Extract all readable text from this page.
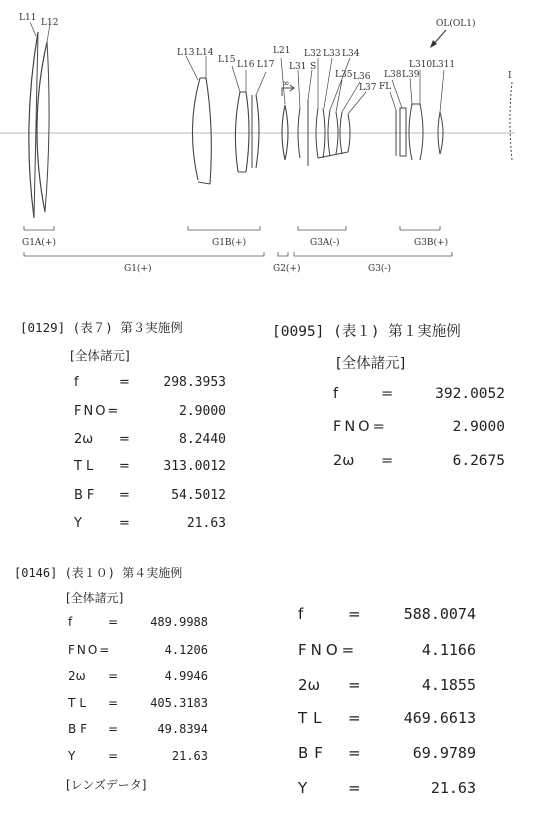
L11 L12
L13 L14
L15 L16 L17
L21
L31 S
L32 L33 L34
L35 L36
L37 FL
L38 L39
L310 L311
OL(OL1)
∞
I
G1A(+)	G1B(+)	G3A(-)	G3B(+)
G1(+)	G2(+)	G3(-)
[0129] (表７) 第３実施例
[全体諸元]
f	=	298.3953
FNO=	2.9000
2ω =	8.2440
TL =	313.0012
BF =	54.5012
Y	=	21.63
[0095] (表１) 第１実施例
[全体諸元]
f	=	392.0052
FNO=	2.9000
2ω =	6.2675
[0146] (表１０) 第４実施例
[全体諸元]
f	=	489.9988
FNO=	4.1206
2ω =	4.9946
TL =	405.3183
BF =	49.8394
Y	=	21.63
[レンズデータ]
f	=	588.0074
FNO=	4.1166
2ω =	4.1855
TL =	469.6613
BF =	69.9789
Y	=	21.63
